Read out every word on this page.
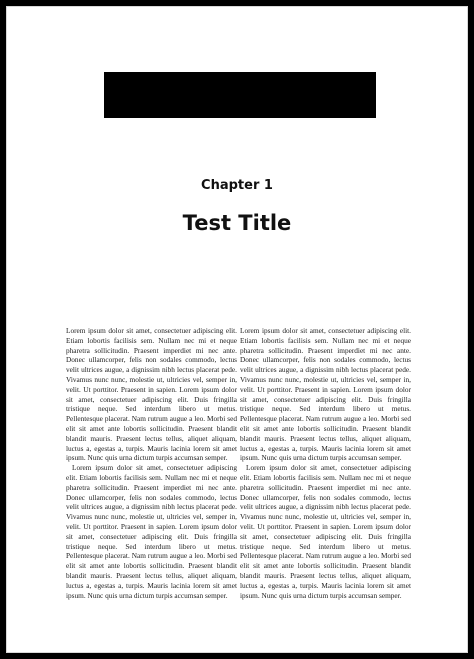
Chapter 1
Test Title

Lorem ipsum dolor sit amet, consectetuer adipiscing elit. Etiam lobortis facilisis sem. Nullam nec mi et neque pharetra sollicitudin. Praesent imperdiet mi nec ante. Donec ullamcorper, felis non sodales commodo, lectus velit ultrices augue, a dignissim nibh lectus placerat pede. Vivamus nunc nunc, molestie ut, ultricies vel, semper in, velit. Ut porttitor. Praesent in sapien. Lorem ipsum dolor sit amet, consectetuer adipiscing elit. Duis fringilla tristique neque. Sed interdum libero ut metus. Pellentesque placerat. Nam rutrum augue a leo. Morbi sed elit sit amet ante lobortis sollicitudin. Praesent blandit blandit mauris. Praesent lectus tellus, aliquet aliquam, luctus a, egestas a, turpis. Mauris lacinia lorem sit amet ipsum. Nunc quis urna dictum turpis accumsan semper.

Lorem ipsum dolor sit amet, consectetuer adipiscing elit. Etiam lobortis facilisis sem. Nullam nec mi et neque pharetra sollicitudin. Praesent imperdiet mi nec ante. Donec ullamcorper, felis non sodales commodo, lectus velit ultrices augue, a dignissim nibh lectus placerat pede. Vivamus nunc nunc, molestie ut, ultricies vel, semper in, velit. Ut porttitor. Praesent in sapien. Lorem ipsum dolor sit amet, consectetuer adipiscing elit. Duis fringilla tristique neque. Sed interdum libero ut metus. Pellentesque placerat. Nam rutrum augue a leo. Morbi sed elit sit amet ante lobortis sollicitudin. Praesent blandit blandit mauris. Praesent lectus tellus, aliquet aliquam, luctus a, egestas a, turpis. Mauris lacinia lorem sit amet ipsum. Nunc quis urna dictum turpis accumsan semper.

Lorem ipsum dolor sit amet, consectetuer adipiscing elit. Etiam lobortis facilisis sem. Nullam nec mi et neque pharetra sollicitudin. Praesent imperdiet mi nec ante. Donec ullamcorper, felis non sodales commodo, lectus velit ultrices augue, a dignissim nibh lectus placerat pede. Vivamus nunc nunc, molestie ut, ultricies vel, semper in, velit. Ut porttitor. Praesent in sapien. Lorem ipsum dolor sit amet, consectetuer adipiscing elit. Duis fringilla tristique neque. Sed interdum libero ut metus. Pellentesque placerat. Nam rutrum augue a leo. Morbi sed elit sit amet ante lobortis sollicitudin. Praesent blandit blandit mauris. Praesent lectus tellus, aliquet aliquam, luctus a, egestas a, turpis. Mauris lacinia lorem sit amet ipsum. Nunc quis urna dictum turpis accumsan semper.

Lorem ipsum dolor sit amet, consectetuer adipiscing elit. Etiam lobortis facilisis sem. Nullam nec mi et neque pharetra sollicitudin. Praesent imperdiet mi nec ante. Donec ullamcorper, felis non sodales commodo, lectus velit ultrices augue, a dignissim nibh lectus placerat pede. Vivamus nunc nunc, molestie ut, ultricies vel, semper in, velit. Ut porttitor. Praesent in sapien. Lorem ipsum dolor sit amet, consectetuer adipiscing elit. Duis fringilla tristique neque. Sed interdum libero ut metus. Pellentesque placerat. Nam rutrum augue a leo. Morbi sed elit sit amet ante lobortis sollicitudin. Praesent blandit blandit mauris. Praesent lectus tellus, aliquet aliquam, luctus a, egestas a, turpis. Mauris lacinia lorem sit amet ipsum. Nunc quis urna dictum turpis accumsan semper.
